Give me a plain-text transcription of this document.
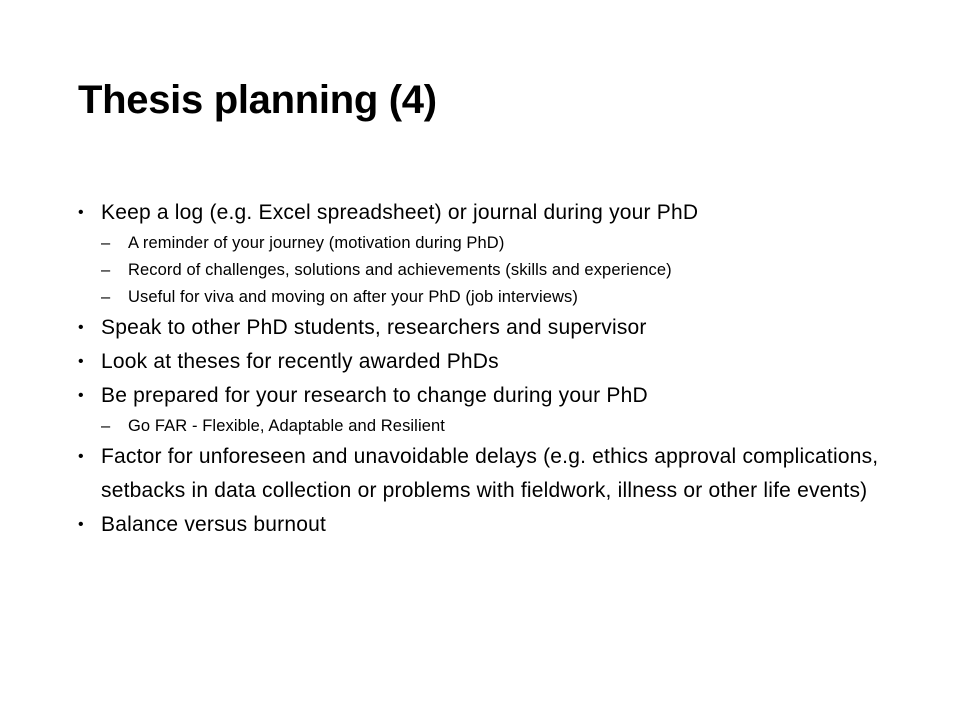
Thesis planning (4)
• Keep a log (e.g. Excel spreadsheet) or journal during your PhD
– A reminder of your journey (motivation during PhD)
– Record of challenges, solutions and achievements (skills and experience)
– Useful for viva and moving on after your PhD (job interviews)
• Speak to other PhD students, researchers and supervisor
• Look at theses for recently awarded PhDs
• Be prepared for your research to change during your PhD
– Go FAR - Flexible, Adaptable and Resilient
• Factor for unforeseen and unavoidable delays (e.g. ethics approval complications, setbacks in data collection or problems with fieldwork, illness or other life events)
• Balance versus burnout
